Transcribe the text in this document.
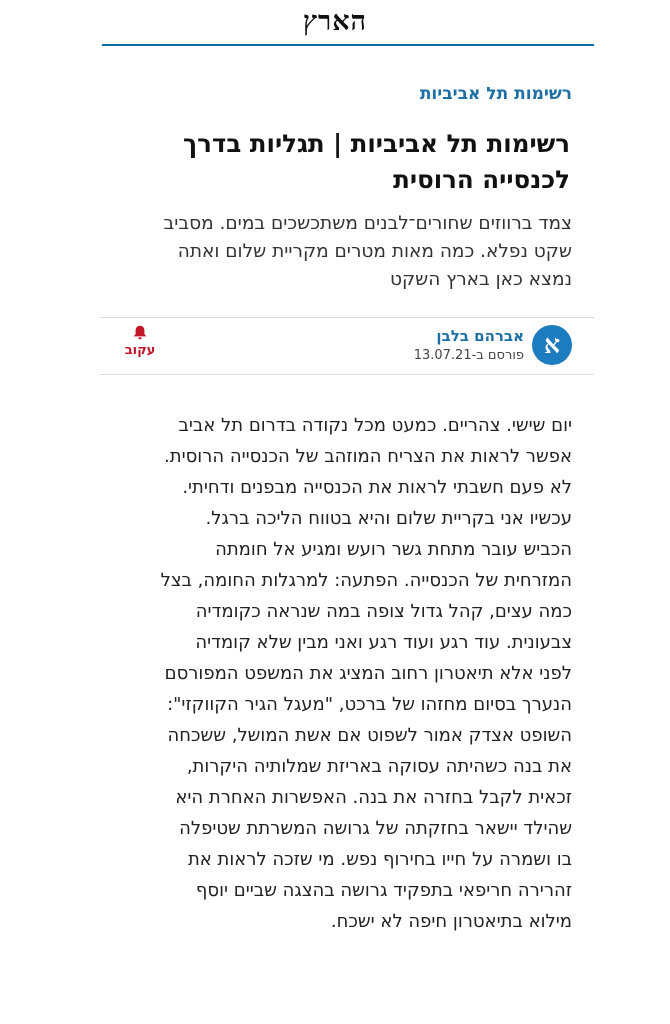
הארץ
רשימות תל אביביות
רשימות תל אביביות | תגליות בדרך
לכנסייה הרוסית
צמד ברווזים שחורים־לבנים משתכשכים במים. מסביב
שקט נפלא. כמה מאות מטרים מקריית שלום ואתה
נמצא כאן בארץ השקט
א
אברהם בלבן
פורסם ב-13.07.21
עקוב
יום שישי. צהריים. כמעט מכל נקודה בדרום תל אביב
אפשר לראות את הצריח המוזהב של הכנסייה הרוסית.
לא פעם חשבתי לראות את הכנסייה מבפנים ודחיתי.
עכשיו אני בקריית שלום והיא בטווח הליכה ברגל.
הכביש עובר מתחת גשר רועש ומגיע אל חומתה
המזרחית של הכנסייה. הפתעה: למרגלות החומה, בצל
כמה עצים, קהל גדול צופה במה שנראה כקומדיה
צבעונית. עוד רגע ועוד רגע ואני מבין שלא קומדיה
לפני אלא תיאטרון רחוב המציג את המשפט המפורסם
הנערך בסיום מחזהו של ברכט, "מעגל הגיר הקווקזי":
השופט אצדק אמור לשפוט אם אשת המושל, ששכחה
את בנה כשהיתה עסוקה באריזת שמלותיה היקרות,
זכאית לקבל בחזרה את בנה. האפשרות האחרת היא
שהילד יישאר בחזקתה של גרושה המשרתת שטיפלה
בו ושמרה על חייו בחירוף נפש. מי שזכה לראות את
זהרירה חריפאי בתפקיד גרושה בהצגה שביים יוסף
מילוא בתיאטרון חיפה לא ישכח.
